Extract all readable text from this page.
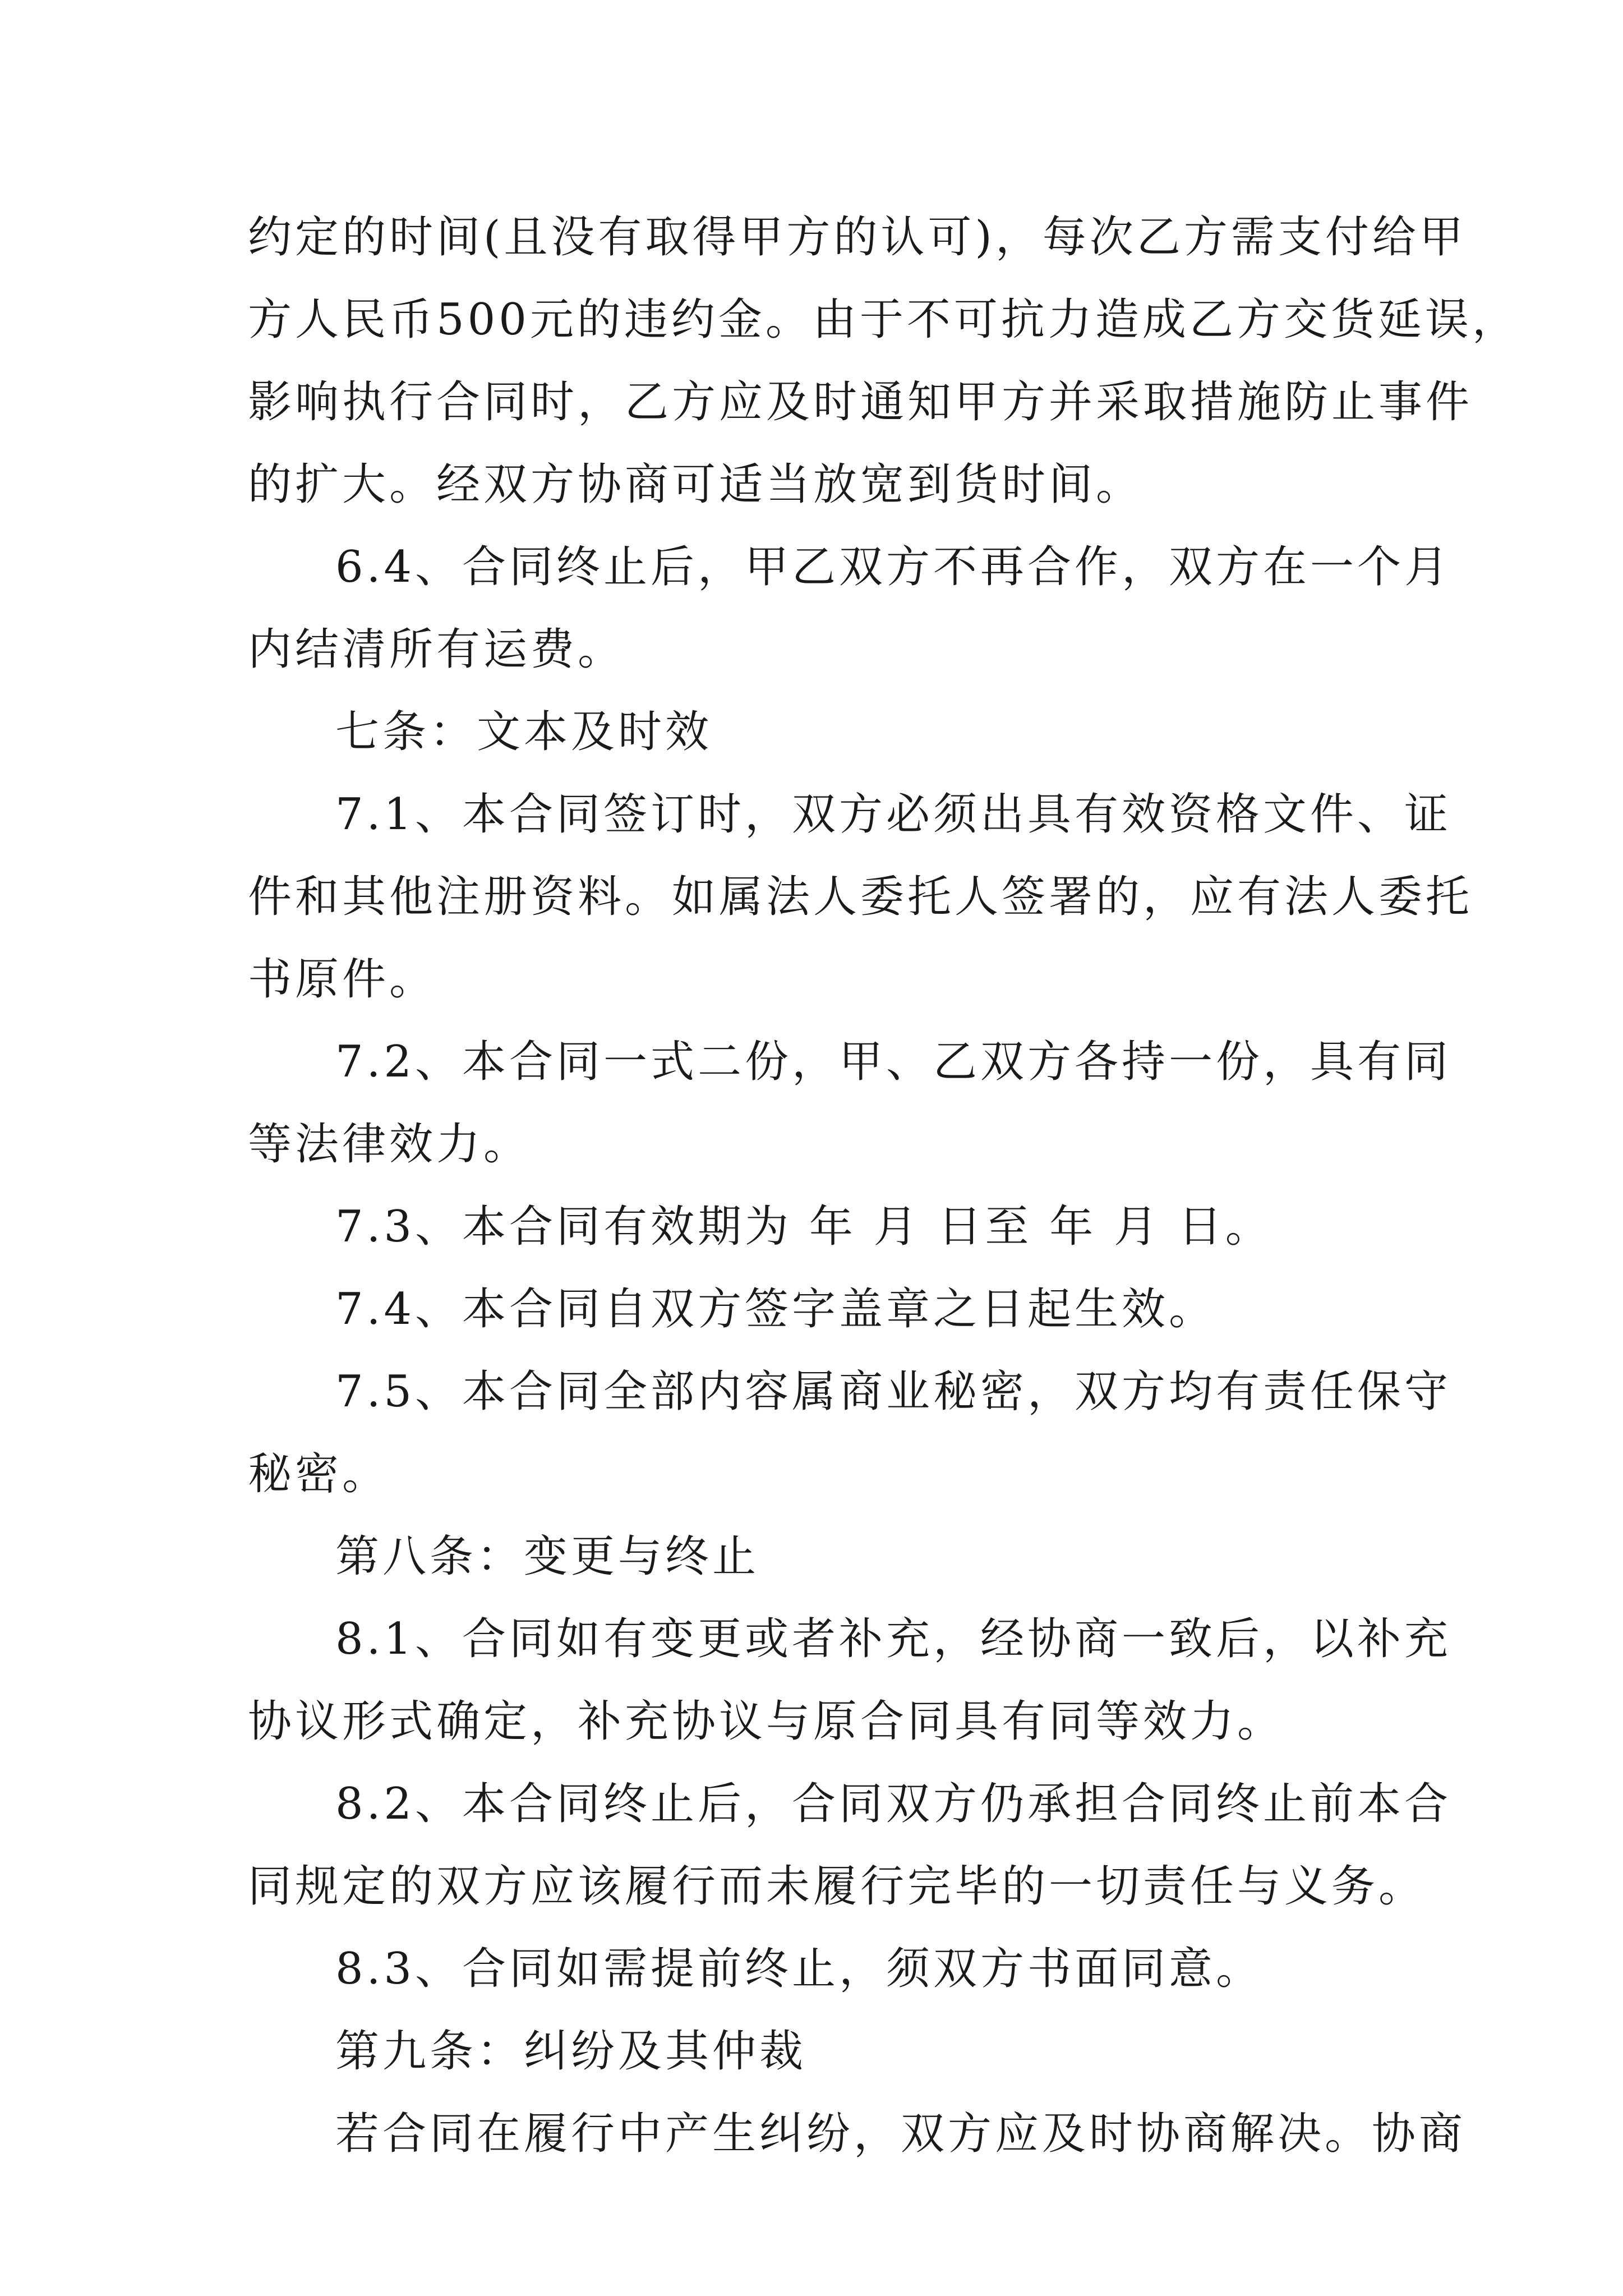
约定的时间(且没有取得甲方的认可)，每次乙方需支付给甲
方人民币500元的违约金。由于不可抗力造成乙方交货延误，
影响执行合同时，乙方应及时通知甲方并采取措施防止事件
的扩大。经双方协商可适当放宽到货时间。
6.4、合同终止后，甲乙双方不再合作，双方在一个月
内结清所有运费。
七条：文本及时效
7.1、本合同签订时，双方必须出具有效资格文件、证
件和其他注册资料。如属法人委托人签署的，应有法人委托
书原件。
7.2、本合同一式二份，甲、乙双方各持一份，具有同
等法律效力。
7.3、本合同有效期为 年 月 日至 年 月 日。
7.4、本合同自双方签字盖章之日起生效。
7.5、本合同全部内容属商业秘密，双方均有责任保守
秘密。
第八条：变更与终止
8.1、合同如有变更或者补充，经协商一致后，以补充
协议形式确定，补充协议与原合同具有同等效力。
8.2、本合同终止后，合同双方仍承担合同终止前本合
同规定的双方应该履行而未履行完毕的一切责任与义务。
8.3、合同如需提前终止，须双方书面同意。
第九条：纠纷及其仲裁
若合同在履行中产生纠纷，双方应及时协商解决。协商
